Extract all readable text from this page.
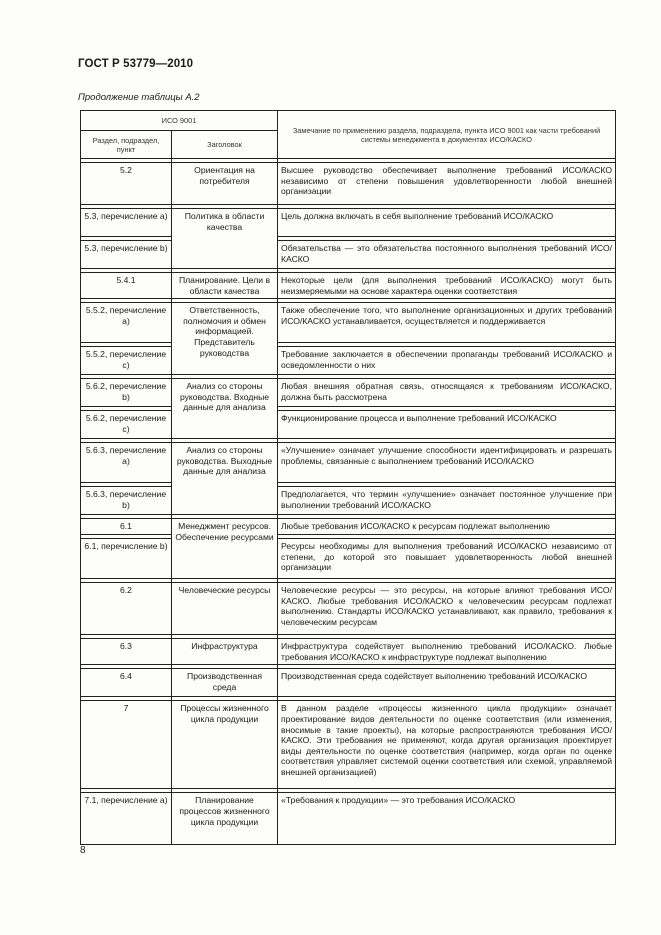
ГОСТ Р 53779—2010
Продолжение таблицы А.2
ИСО 9001		Замечание по применению раздела, подраздела, пункта ИСО 9001 как части требований системы менеджмента в документах ИСО/КАСКО
Раздел, подраздел, пункт	Заголовок	

5.2	Ориентация на потребителя	Высшее руководство обеспечивает выполнение требований ИСО/КАСКО независимо от степени повышения удовлетворенности любой внешней организации

5.3, перечисление а)	Политика в области качества	Цель должна включать в себя выполнение требований ИСО/КАСКО

5.3, перечисление b)		Обязательства — это обязательства постоянного выполнения требований ИСО/КАСКО

5.4.1	Планирование. Цели в области качества	Некоторые цели (для выполнения требований ИСО/КАСКО) могут быть неизмеряемыми на основе характера оценки соответствия

5.5.2, перечисление а)	Ответственность, полномочия и обмен информацией. Представитель руководства	Также обеспечение того, что выполнение организационных и других требований ИСО/КАСКО устанавливается, осуществляется и поддерживается

5.5.2, перечисление с)		Требование заключается в обеспечении пропаганды требований ИСО/КАСКО и осведомленности о них

5.6.2, перечисление b)	Анализ со стороны руководства. Входные данные для анализа	Любая внешняя обратная связь, относящаяся к требованиям ИСО/КАСКО, должна быть рассмотрена

5.6.2, перечисление с)		Функционирование процесса и выполнение требований ИСО/КАСКО

5.6.3, перечисление а)	Анализ со стороны руководства. Выходные данные для анализа	«Улучшение» означает улучшение способности идентифицировать и разрешать проблемы, связанные с выполнением требований ИСО/КАСКО

5.6.3, перечисление b)		Предполагается, что термин «улучшение» означает постоянное улучшение при выполнении требований ИСО/КАСКО

6.1	Менеджмент ресурсов. Обеспечение ресурсами	Любые требования ИСО/КАСКО к ресурсам подлежат выполнению

6.1, перечисление b)		Ресурсы необходимы для выполнения требований ИСО/КАСКО независимо от степени, до которой это повышает удовлетворенность любой внешней организации

6.2	Человеческие ресурсы	Человеческие ресурсы — это ресурсы, на которые влияют требования ИСО/КАСКО. Любые требования ИСО/КАСКО к человеческим ресурсам подлежат выполнению. Стандарты ИСО/КАСКО устанавливают, как правило, требования к человеческим ресурсам

6.3	Инфраструктура	Инфраструктура содействует выполнению требований ИСО/КАСКО. Любые требования ИСО/КАСКО к инфраструктуре подлежат выполнению

6.4	Производственная среда	Производственная среда содействует выполнению требований ИСО/КАСКО

7	Процессы жизненного цикла продукции	В данном разделе «процессы жизненного цикла продукции» означает проектирование видов деятельности по оценке соответствия (или изменения, вносимые в такие проекты), на которые распространяются требования ИСО/КАСКО. Эти требования не применяют, когда другая организация проектирует виды деятельности по оценке соответствия (например, когда орган по оценке соответствия управляет системой оценки соответствия или схемой, управляемой внешней организацией)

7.1, перечисление а)	Планирование процессов жизненного цикла продукции	«Требования к продукции» — это требования ИСО/КАСКО
8
